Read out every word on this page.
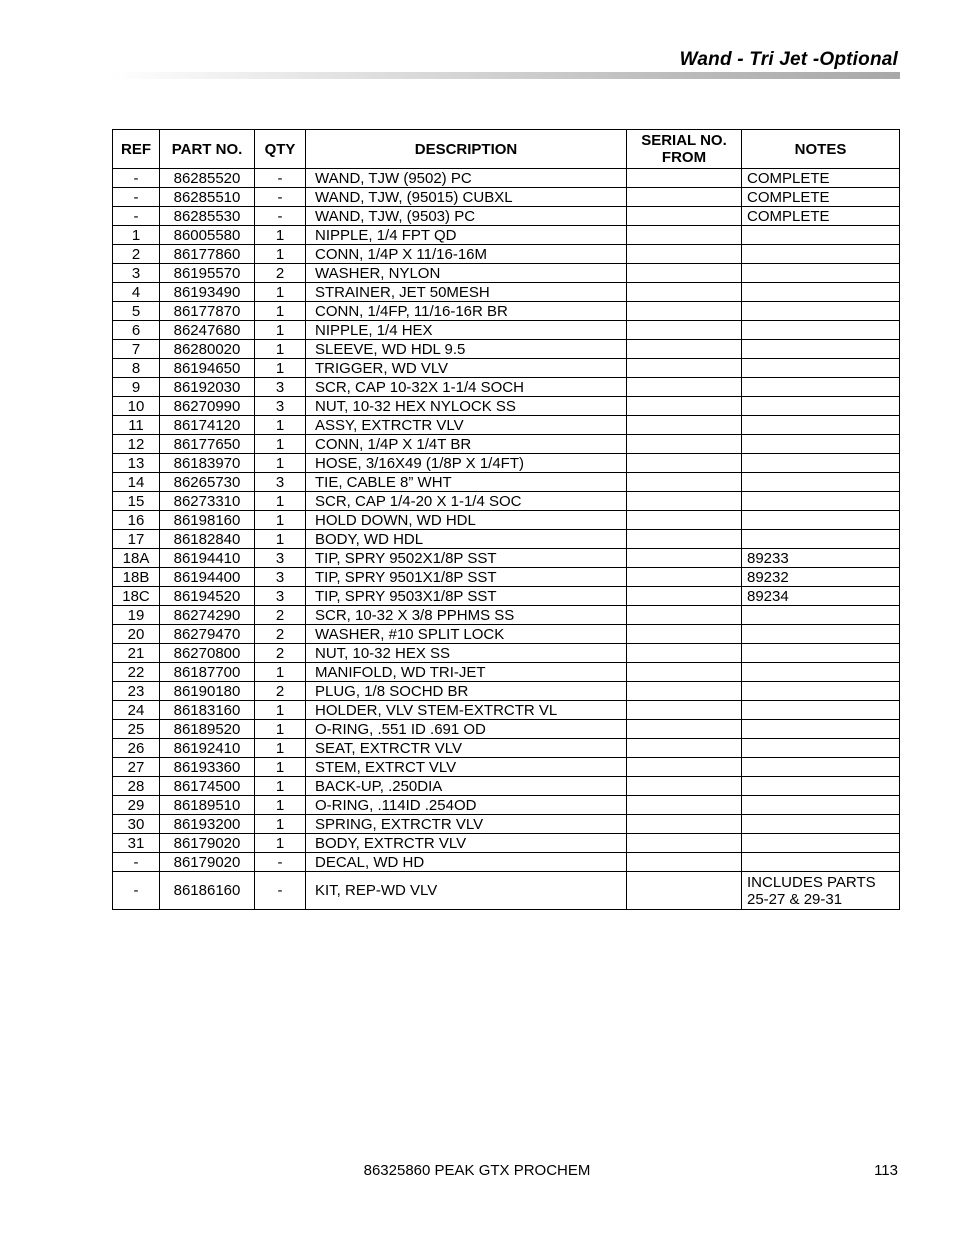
Wand - Tri Jet -Optional
REF	PART NO.	QTY	DESCRIPTION	SERIAL NO. FROM	NOTES
-	86285520	-	WAND, TJW (9502) PC		COMPLETE
-	86285510	-	WAND, TJW, (95015) CUBXL		COMPLETE
-	86285530	-	WAND, TJW, (9503) PC		COMPLETE
1	86005580	1	NIPPLE, 1/4 FPT QD		
2	86177860	1	CONN, 1/4P X 11/16-16M		
3	86195570	2	WASHER, NYLON		
4	86193490	1	STRAINER, JET 50MESH		
5	86177870	1	CONN, 1/4FP, 11/16-16R BR		
6	86247680	1	NIPPLE, 1/4 HEX		
7	86280020	1	SLEEVE, WD HDL 9.5		
8	86194650	1	TRIGGER, WD VLV		
9	86192030	3	SCR, CAP 10-32X 1-1/4 SOCH		
10	86270990	3	NUT, 10-32 HEX NYLOCK SS		
11	86174120	1	ASSY, EXTRCTR VLV		
12	86177650	1	CONN, 1/4P X 1/4T BR		
13	86183970	1	HOSE, 3/16X49 (1/8P X 1/4FT)		
14	86265730	3	TIE, CABLE 8” WHT		
15	86273310	1	SCR, CAP 1/4-20 X 1-1/4 SOC		
16	86198160	1	HOLD DOWN, WD HDL		
17	86182840	1	BODY, WD HDL		
18A	86194410	3	TIP, SPRY 9502X1/8P SST		89233
18B	86194400	3	TIP, SPRY 9501X1/8P SST		89232
18C	86194520	3	TIP, SPRY 9503X1/8P SST		89234
19	86274290	2	SCR, 10-32 X 3/8 PPHMS SS		
20	86279470	2	WASHER, #10 SPLIT LOCK		
21	86270800	2	NUT, 10-32 HEX SS		
22	86187700	1	MANIFOLD, WD TRI-JET		
23	86190180	2	PLUG, 1/8 SOCHD BR		
24	86183160	1	HOLDER, VLV STEM-EXTRCTR VL		
25	86189520	1	O-RING, .551 ID .691 OD		
26	86192410	1	SEAT, EXTRCTR VLV		
27	86193360	1	STEM, EXTRCT VLV		
28	86174500	1	BACK-UP, .250DIA		
29	86189510	1	O-RING, .114ID .254OD		
30	86193200	1	SPRING, EXTRCTR VLV		
31	86179020	1	BODY, EXTRCTR VLV		
-	86179020	-	DECAL, WD HD		
-	86186160	-	KIT, REP-WD VLV		INCLUDES PARTS
25-27 & 29-31
86325860 PEAK GTX PROCHEM	113
